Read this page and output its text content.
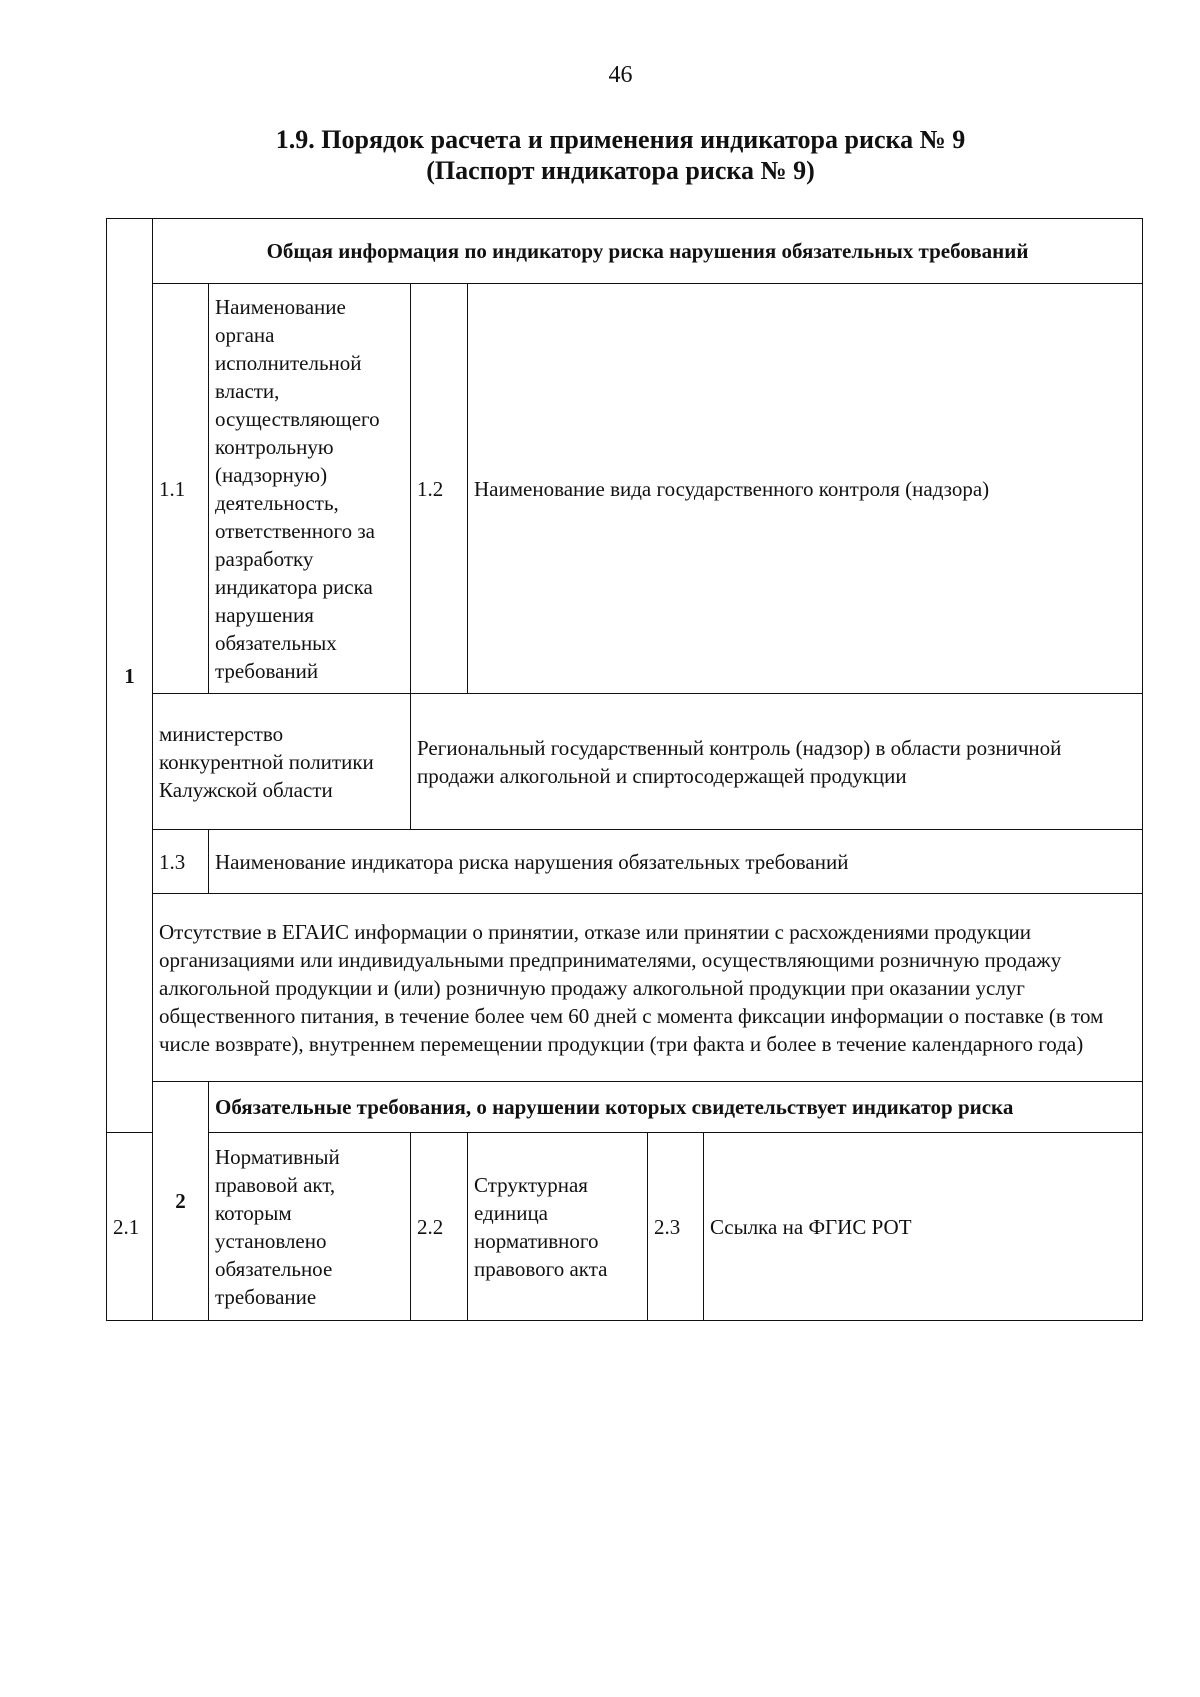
46
1.9. Порядок расчета и применения индикатора риска № 9
(Паспорт индикатора риска № 9)
1	Общая информация по индикатору риска нарушения обязательных требований					
	1.1	Наименование органа исполнительной власти, осуществляющего контрольную (надзорную) деятельность, ответственного за разработку индикатора риска нарушения обязательных требований	1.2	Наименование вида государственного контроля (надзора)		
	министерство конкурентной политики Калужской области		Региональный государственный контроль (надзор) в области розничной продажи алкогольной и спиртосодержащей продукции			
	1.3	Наименование индикатора риска нарушения обязательных требований				
	Отсутствие в ЕГАИС информации о принятии, отказе или принятии с расхождениями продукции организациями или индивидуальными предпринимателями, осуществляющими розничную продажу алкогольной продукции и (или) розничную продажу алкогольной продукции при оказании услуг общественного питания, в течение более чем 60 дней с момента фиксации информации о поставке (в том числе возврате), внутреннем перемещении продукции (три факта и более в течение календарного года)					
	2	Обязательные требования, о нарушении которых свидетельствует индикатор риска				
2.1		Нормативный правовой акт, которым установлено обязательное требование	2.2	Структурная единица нормативного правового акта	2.3	Ссылка на ФГИС РОТ
